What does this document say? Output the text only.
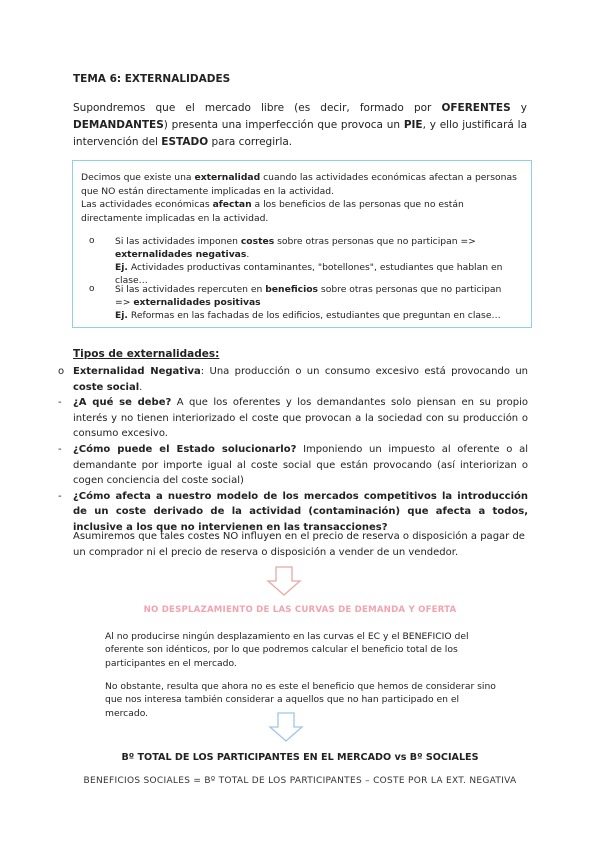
TEMA 6: EXTERNALIDADES
Supondremos que el mercado libre (es decir, formado por OFERENTES y DEMANDANTES) presenta una imperfección que provoca un PIE, y ello justificará la intervención del ESTADO para corregirla.
Decimos que existe una externalidad cuando las actividades económicas afectan a personas que NO están directamente implicadas en la actividad.
Las actividades económicas afectan a los beneficios de las personas que no están directamente implicadas en la actividad.
o Si las actividades imponen costes sobre otras personas que no participan => externalidades negativas.
Ej. Actividades productivas contaminantes, "botellones", estudiantes que hablan en clase…
o Si las actividades repercuten en beneficios sobre otras personas que no participan => externalidades positivas
Ej. Reformas en las fachadas de los edificios, estudiantes que preguntan en clase…
Tipos de externalidades:
o Externalidad Negativa: Una producción o un consumo excesivo está provocando un coste social.
- ¿A qué se debe? A que los oferentes y los demandantes solo piensan en su propio interés y no tienen interiorizado el coste que provocan a la sociedad con su producción o consumo excesivo.
- ¿Cómo puede el Estado solucionarlo? Imponiendo un impuesto al oferente o al demandante por importe igual al coste social que están provocando (así interiorizan o cogen conciencia del coste social)
- ¿Cómo afecta a nuestro modelo de los mercados competitivos la introducción de un coste derivado de la actividad (contaminación) que afecta a todos, inclusive a los que no intervienen en las transacciones?
Asumiremos que tales costes NO influyen en el precio de reserva o disposición a pagar de un comprador ni el precio de reserva o disposición a vender de un vendedor.
NO DESPLAZAMIENTO DE LAS CURVAS DE DEMANDA Y OFERTA
Al no producirse ningún desplazamiento en las curvas el EC y el BENEFICIO del oferente son idénticos, por lo que podremos calcular el beneficio total de los participantes en el mercado.
No obstante, resulta que ahora no es este el beneficio que hemos de considerar sino que nos interesa también considerar a aquellos que no han participado en el mercado.
Bº TOTAL DE LOS PARTICIPANTES EN EL MERCADO vs Bº SOCIALES
BENEFICIOS SOCIALES = Bº TOTAL DE LOS PARTICIPANTES – COSTE POR LA EXT. NEGATIVA
